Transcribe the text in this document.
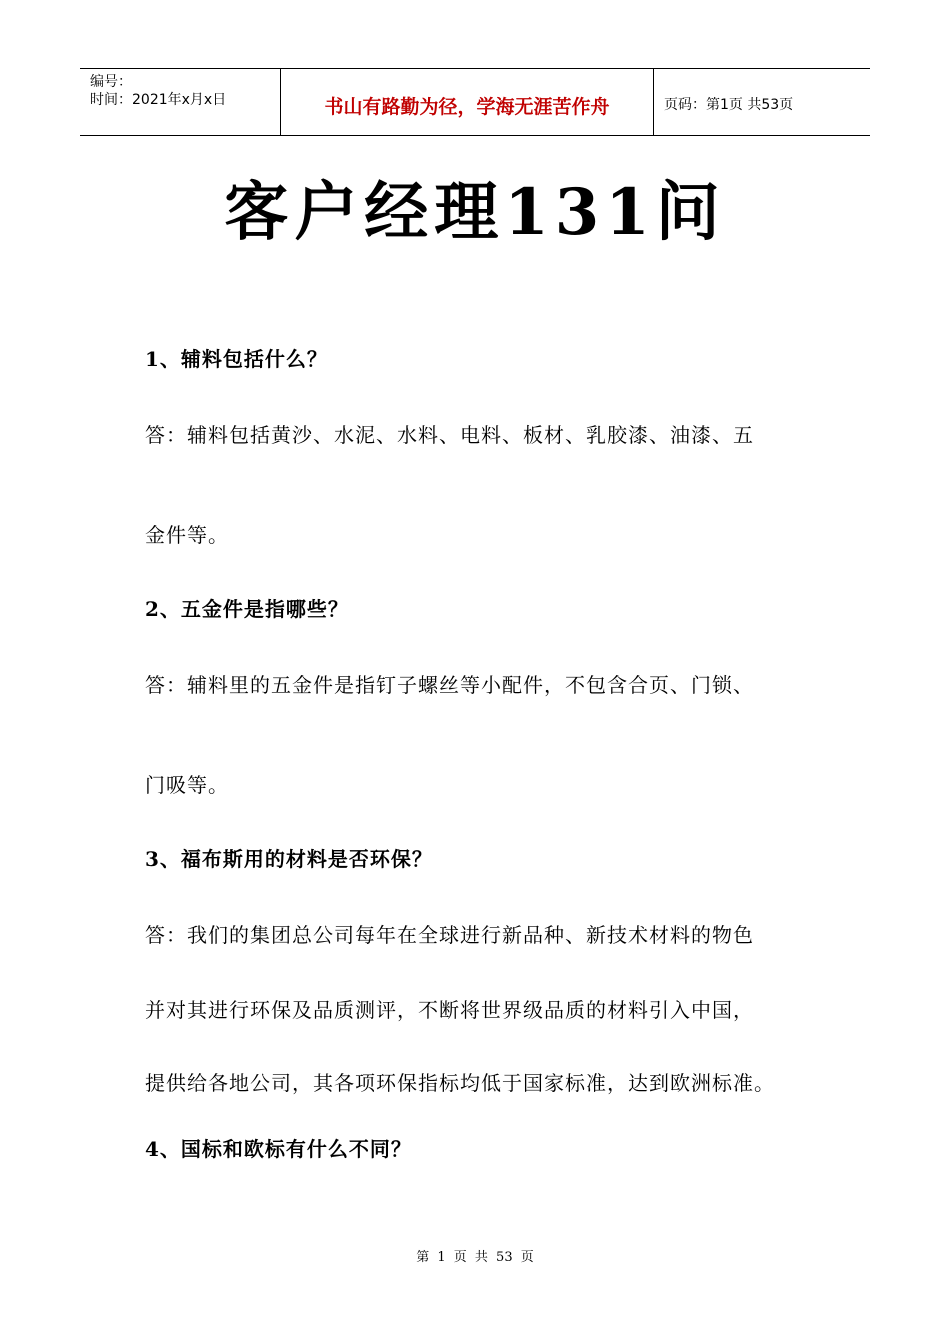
编号：
时间：2021年x月x日	书山有路勤为径，学海无涯苦作舟	页码：第1页 共53页
客户经理131问
1、辅料包括什么？
答：辅料包括黄沙、水泥、水料、电料、板材、乳胶漆、油漆、五
金件等。
2、五金件是指哪些？
答：辅料里的五金件是指钉子螺丝等小配件，不包含合页、门锁、
门吸等。
3、福布斯用的材料是否环保？
答：我们的集团总公司每年在全球进行新品种、新技术材料的物色
并对其进行环保及品质测评，不断将世界级品质的材料引入中国，
提供给各地公司，其各项环保指标均低于国家标准，达到欧洲标准。
4、国标和欧标有什么不同？
第 1 页 共 53 页
